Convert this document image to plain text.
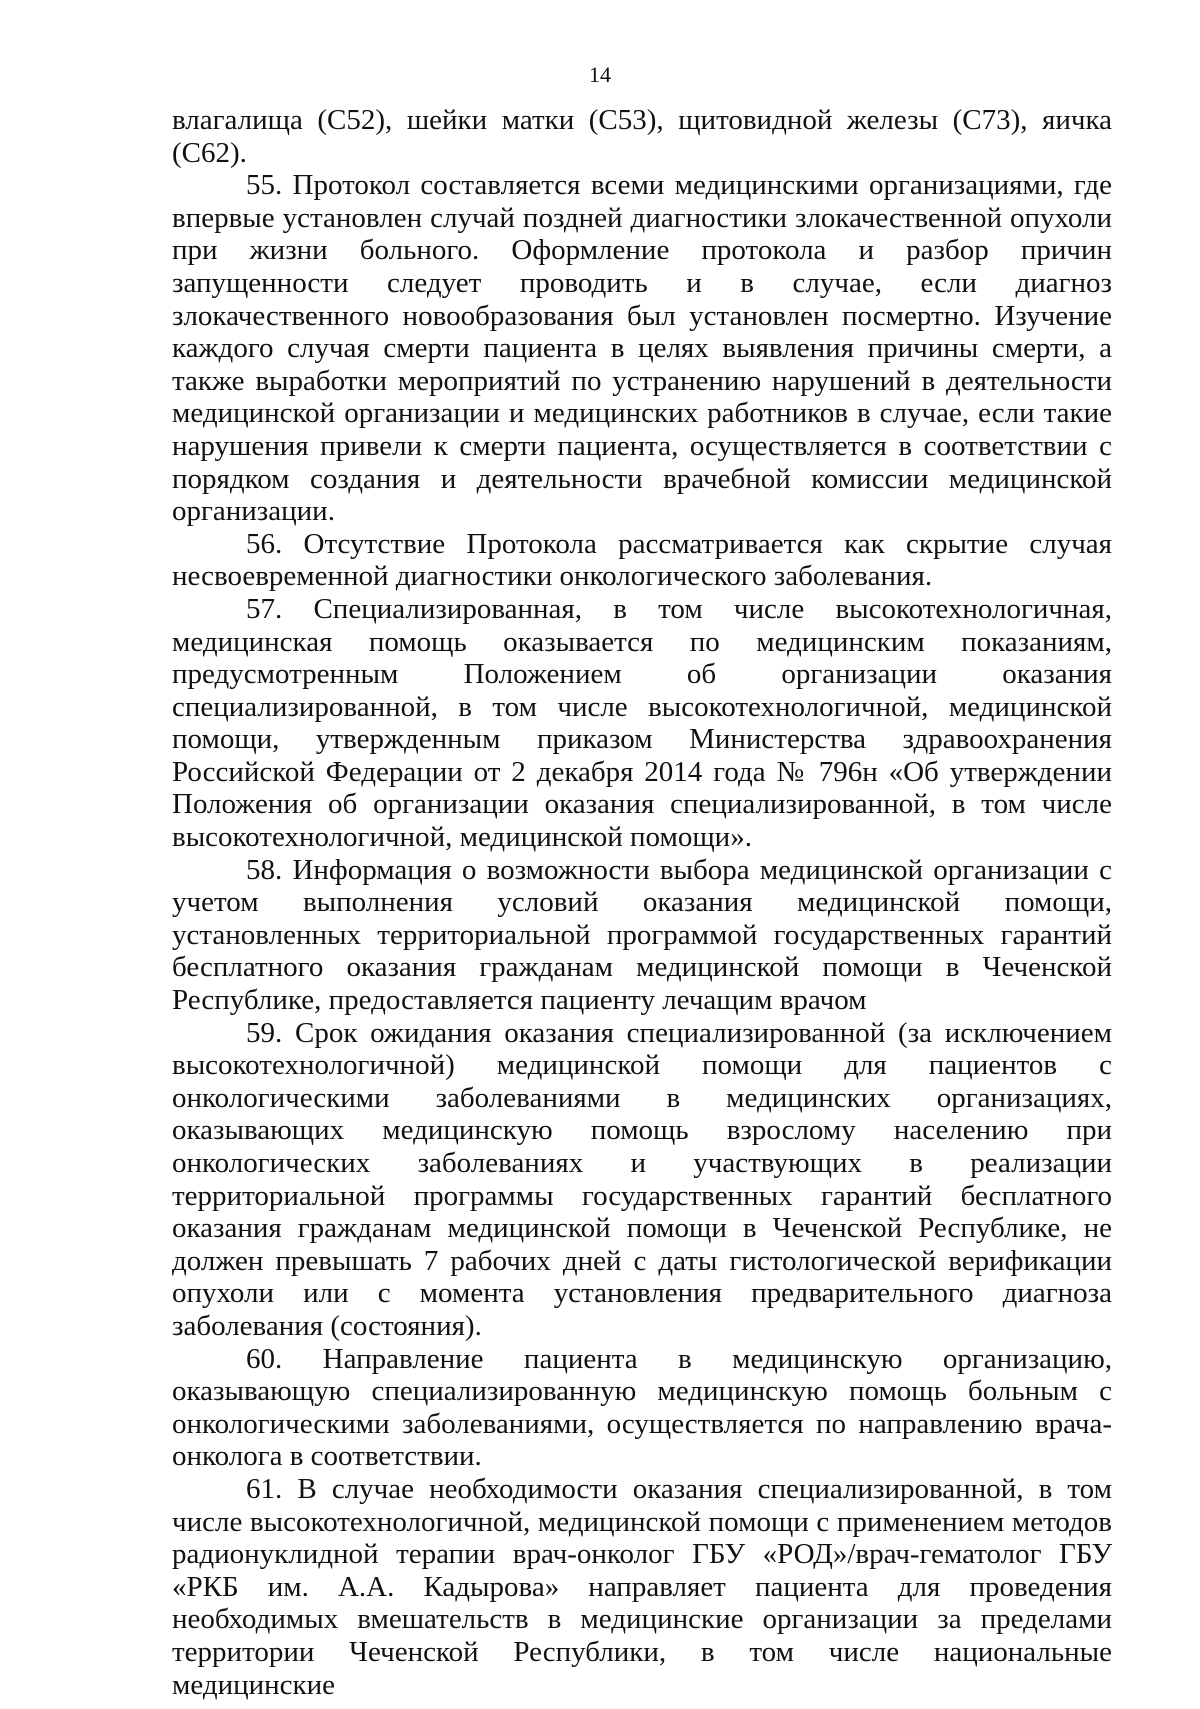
14

влагалища (C52), шейки матки (C53), щитовидной железы (C73), яичка (C62).

55. Протокол составляется всеми медицинскими организациями, где впервые установлен случай поздней диагностики злокачественной опухоли при жизни больного. Оформление протокола и разбор причин запущенности следует проводить и в случае, если диагноз злокачественного новообразования был установлен посмертно. Изучение каждого случая смерти пациента в целях выявления причины смерти, а также выработки мероприятий по устранению нарушений в деятельности медицинской организации и медицинских работников в случае, если такие нарушения привели к смерти пациента, осуществляется в соответствии с порядком создания и деятельности врачебной комиссии медицинской организации.

56. Отсутствие Протокола рассматривается как скрытие случая несвоевременной диагностики онкологического заболевания.

57. Специализированная, в том числе высокотехнологичная, медицинская помощь оказывается по медицинским показаниям, предусмотренным Положением об организации оказания специализированной, в том числе высокотехнологичной, медицинской помощи, утвержденным приказом Министерства здравоохранения Российской Федерации от 2 декабря 2014 года № 796н «Об утверждении Положения об организации оказания специализированной, в том числе высокотехнологичной, медицинской помощи».

58. Информация о возможности выбора медицинской организации с учетом выполнения условий оказания медицинской помощи, установленных территориальной программой государственных гарантий бесплатного оказания гражданам медицинской помощи в Чеченской Республике, предоставляется пациенту лечащим врачом

59. Срок ожидания оказания специализированной (за исключением высокотехнологичной) медицинской помощи для пациентов с онкологическими заболеваниями в медицинских организациях, оказывающих медицинскую помощь взрослому населению при онкологических заболеваниях и участвующих в реализации территориальной программы государственных гарантий бесплатного оказания гражданам медицинской помощи в Чеченской Республике, не должен превышать 7 рабочих дней с даты гистологической верификации опухоли или с момента установления предварительного диагноза заболевания (состояния).

60. Направление пациента в медицинскую организацию, оказывающую специализированную медицинскую помощь больным с онкологическими заболеваниями, осуществляется по направлению врача-онколога в соответствии.

61. В случае необходимости оказания специализированной, в том числе высокотехнологичной, медицинской помощи с применением методов радионуклидной терапии врач-онколог ГБУ «РОД»/врач-гематолог ГБУ «РКБ им. А.А. Кадырова» направляет пациента для проведения необходимых вмешательств в медицинские организации за пределами территории Чеченской Республики, в том числе национальные медицинские
